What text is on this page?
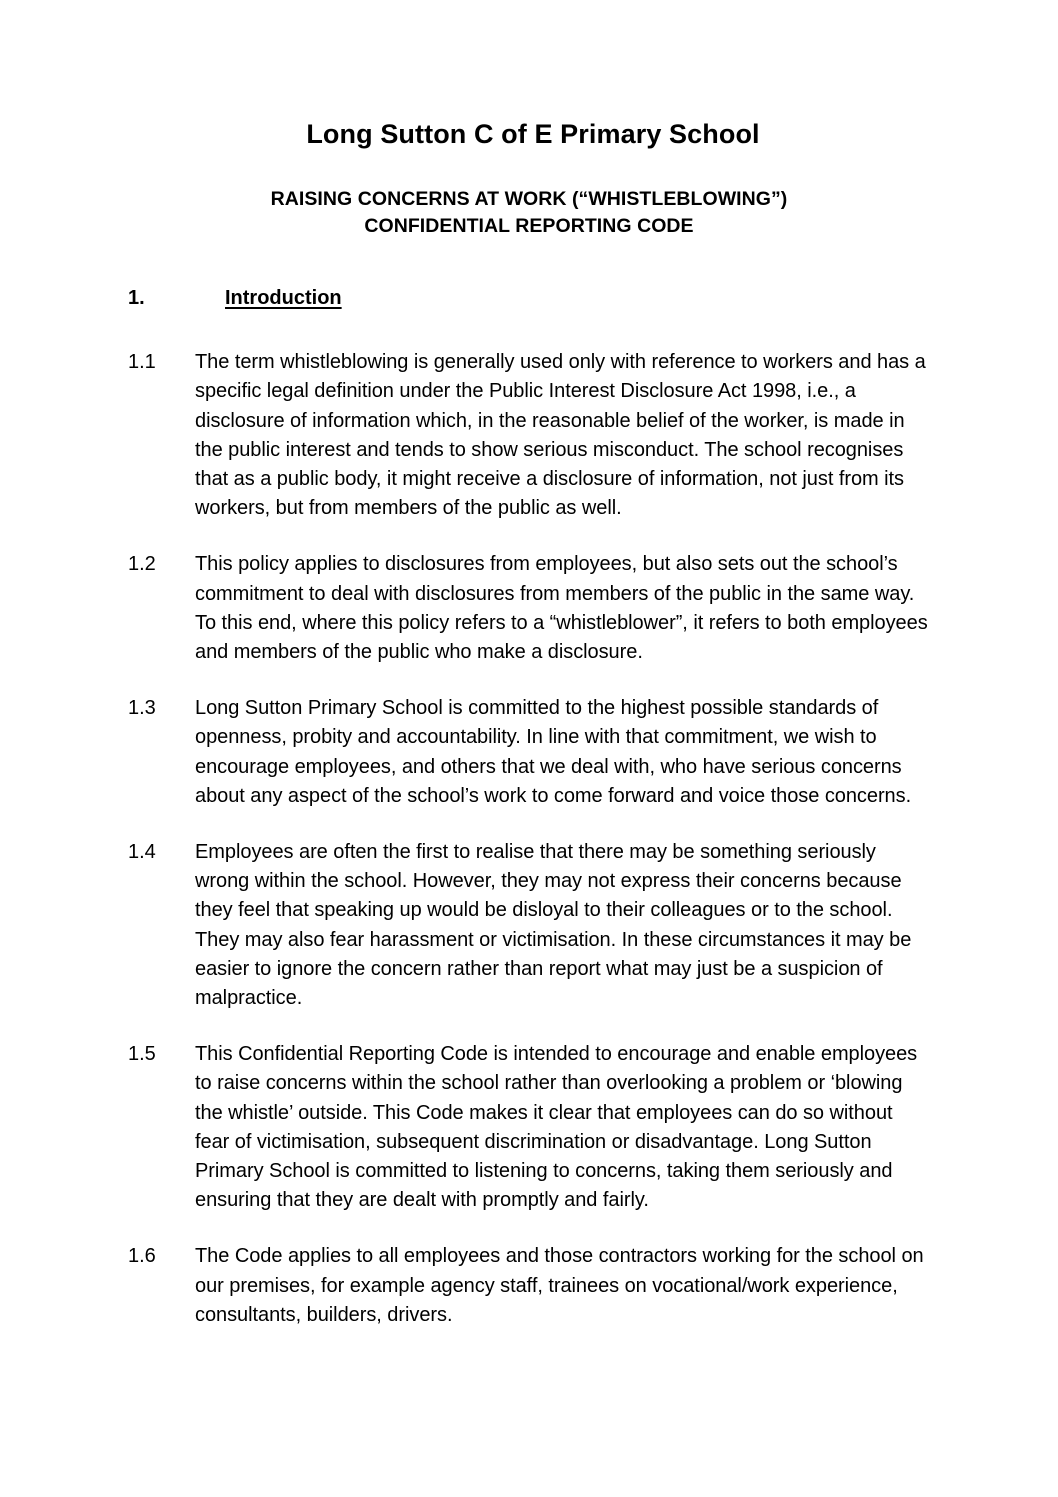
Long Sutton C of E Primary School
RAISING CONCERNS AT WORK (“WHISTLEBLOWING”)
CONFIDENTIAL REPORTING CODE
1.	Introduction
1.1	The term whistleblowing is generally used only with reference to workers and has a specific legal definition under the Public Interest Disclosure Act 1998, i.e., a disclosure of information which, in the reasonable belief of the worker, is made in the public interest and tends to show serious misconduct. The school recognises that as a public body, it might receive a disclosure of information, not just from its workers, but from members of the public as well.
1.2	This policy applies to disclosures from employees, but also sets out the school’s commitment to deal with disclosures from members of the public in the same way. To this end, where this policy refers to a “whistleblower”, it refers to both employees and members of the public who make a disclosure.
1.3	Long Sutton Primary School is committed to the highest possible standards of openness, probity and accountability. In line with that commitment, we wish to encourage employees, and others that we deal with, who have serious concerns about any aspect of the school’s work to come forward and voice those concerns.
1.4	Employees are often the first to realise that there may be something seriously wrong within the school. However, they may not express their concerns because they feel that speaking up would be disloyal to their colleagues or to the school. They may also fear harassment or victimisation. In these circumstances it may be easier to ignore the concern rather than report what may just be a suspicion of malpractice.
1.5	This Confidential Reporting Code is intended to encourage and enable employees to raise concerns within the school rather than overlooking a problem or ‘blowing the whistle’ outside. This Code makes it clear that employees can do so without fear of victimisation, subsequent discrimination or disadvantage. Long Sutton Primary School is committed to listening to concerns, taking them seriously and ensuring that they are dealt with promptly and fairly.
1.6	The Code applies to all employees and those contractors working for the school on our premises, for example agency staff, trainees on vocational/work experience, consultants, builders, drivers.
